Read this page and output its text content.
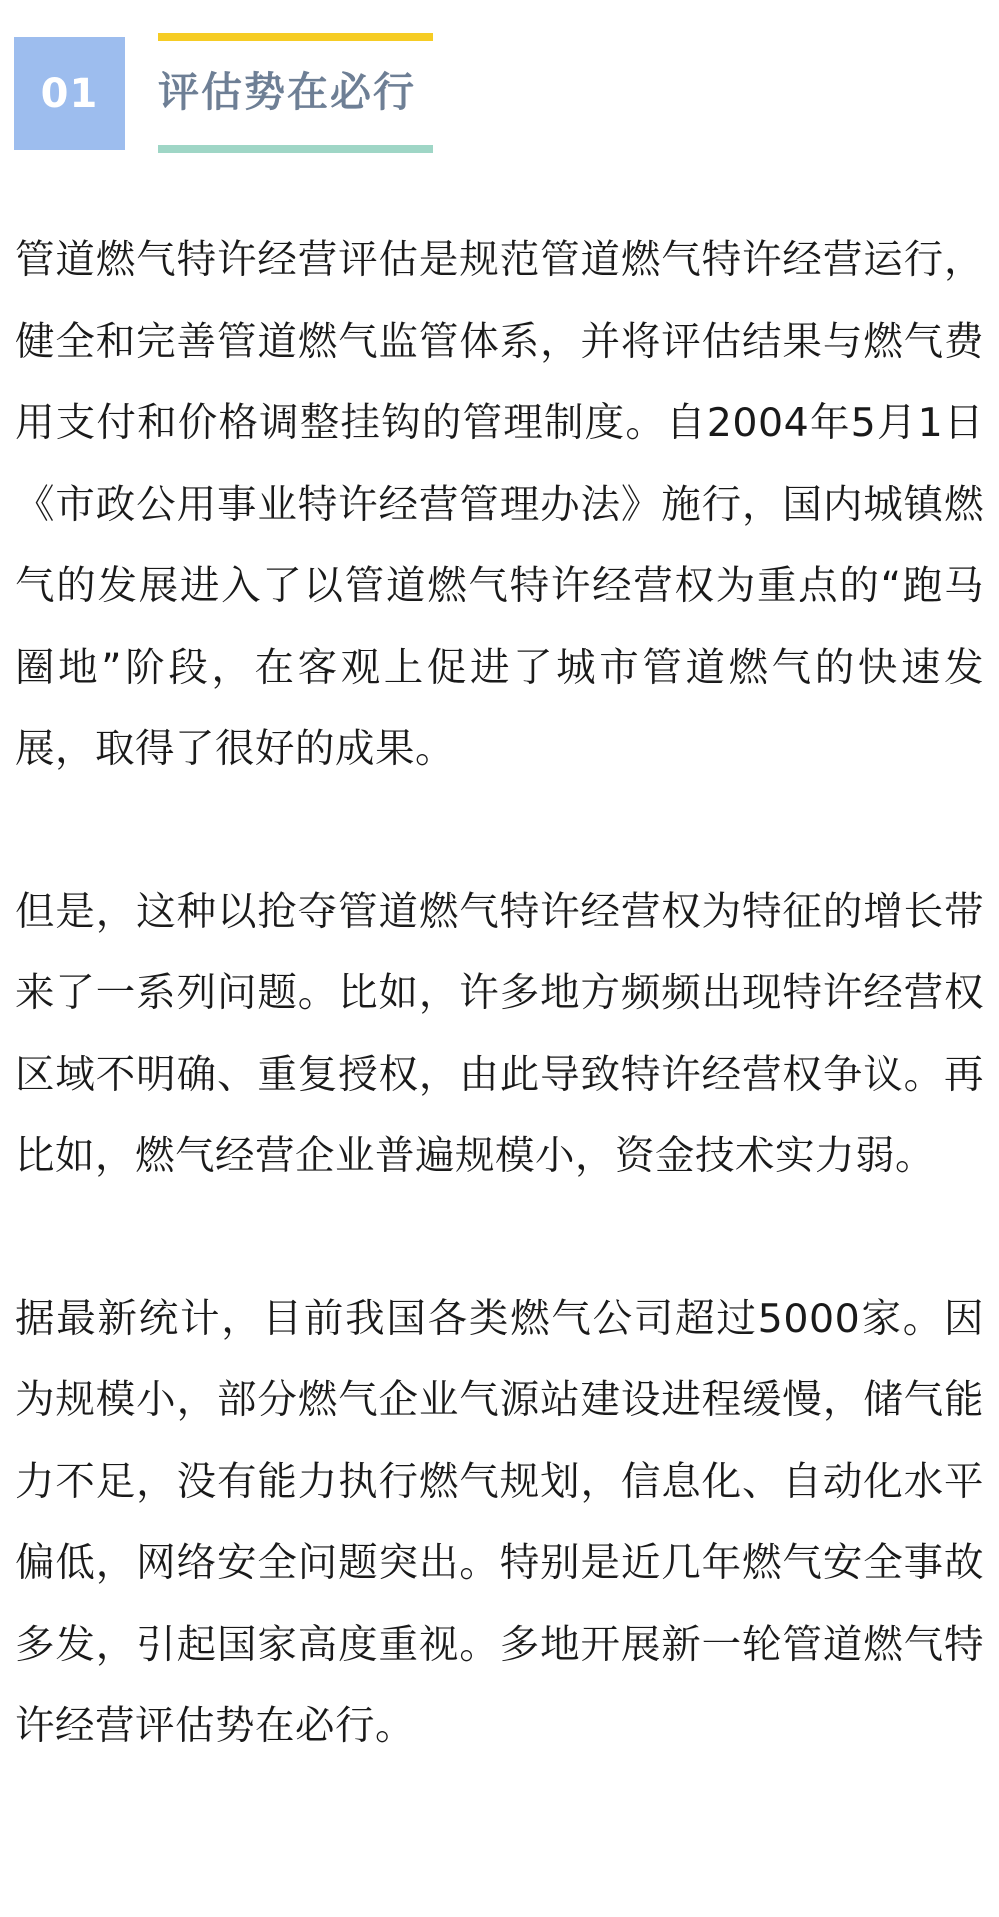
01	评估势在必行

管道燃气特许经营评估是规范管道燃气特许经营运行，健全和完善管道燃气监管体系，并将评估结果与燃气费用支付和价格调整挂钩的管理制度。自2004年5月1日《市政公用事业特许经营管理办法》施行，国内城镇燃气的发展进入了以管道燃气特许经营权为重点的“跑马圈地”阶段，在客观上促进了城市管道燃气的快速发展，取得了很好的成果。

但是，这种以抢夺管道燃气特许经营权为特征的增长带来了一系列问题。比如，许多地方频频出现特许经营权区域不明确、重复授权，由此导致特许经营权争议。再比如，燃气经营企业普遍规模小，资金技术实力弱。

据最新统计，目前我国各类燃气公司超过5000家。因为规模小，部分燃气企业气源站建设进程缓慢，储气能力不足，没有能力执行燃气规划，信息化、自动化水平偏低，网络安全问题突出。特别是近几年燃气安全事故多发，引起国家高度重视。多地开展新一轮管道燃气特许经营评估势在必行。
